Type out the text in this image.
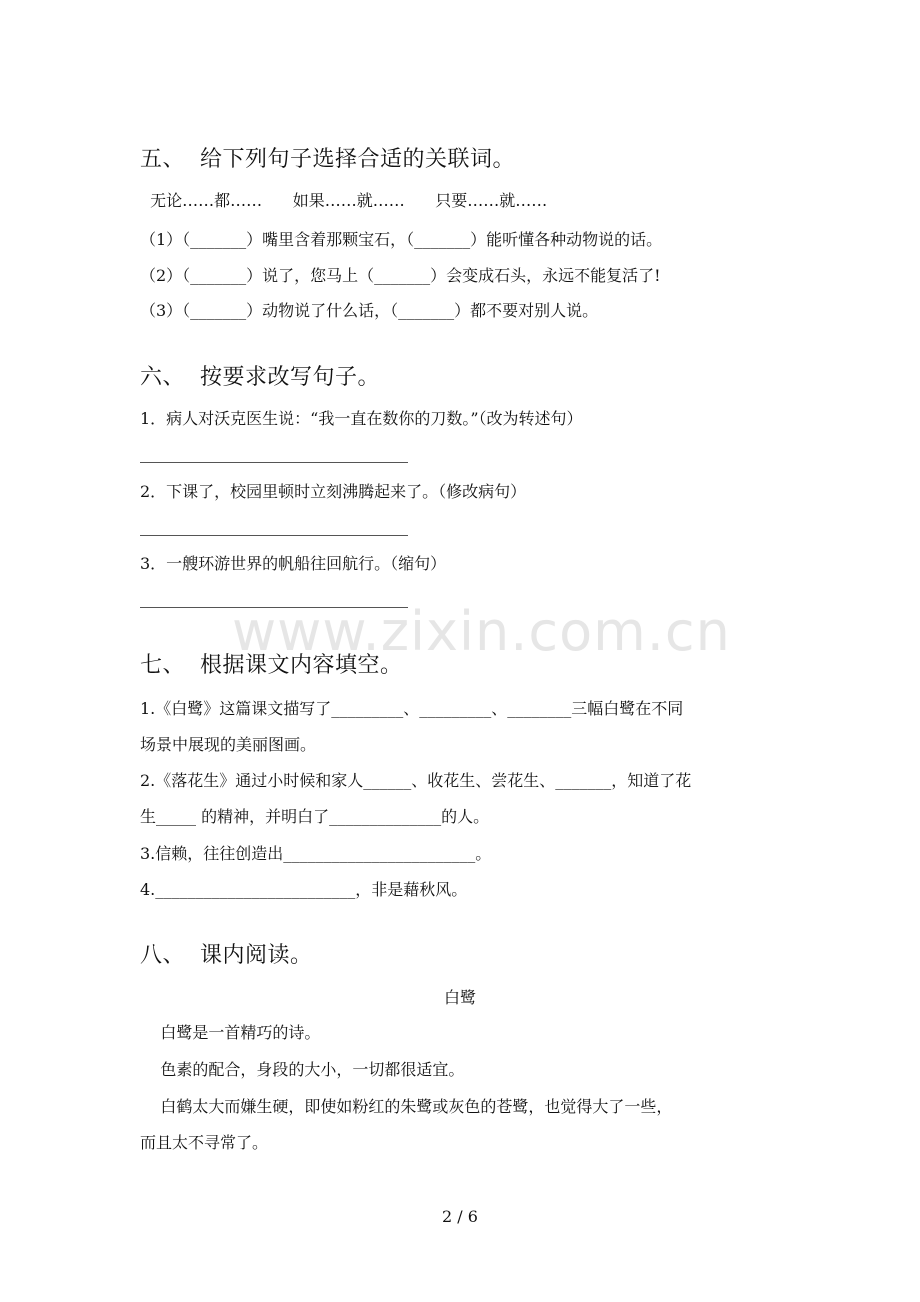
www.zixin.com.cn
五、  给下列句子选择合适的关联词。
无论……都……      如果……就……      只要……就……
（1）（_______）嘴里含着那颗宝石，（_______）能听懂各种动物说的话。
（2）（_______）说了，您马上（_______）会变成石头，永远不能复活了!
（3）（_______）动物说了什么话，（_______）都不要对别人说。
六、  按要求改写句子。
1．病人对沃克医生说：“我一直在数你的刀数。”（改为转述句）
2．下课了，校园里顿时立刻沸腾起来了。（修改病句）
3．一艘环游世界的帆船往回航行。（缩句）
七、  根据课文内容填空。
1.《白鹭》这篇课文描写了_________、_________、________三幅白鹭在不同
场景中展现的美丽图画。
2.《落花生》通过小时候和家人______、收花生、尝花生、_______，知道了花
生_____ 的精神，并明白了______________的人。
3.信赖，往往创造出________________________。
4._________________________，非是藉秋风。
八、  课内阅读。
白鹭
白鹭是一首精巧的诗。
色素的配合，身段的大小，一切都很适宜。
白鹤太大而嫌生硬，即使如粉红的朱鹭或灰色的苍鹭，也觉得大了一些，
而且太不寻常了。
2 / 6
